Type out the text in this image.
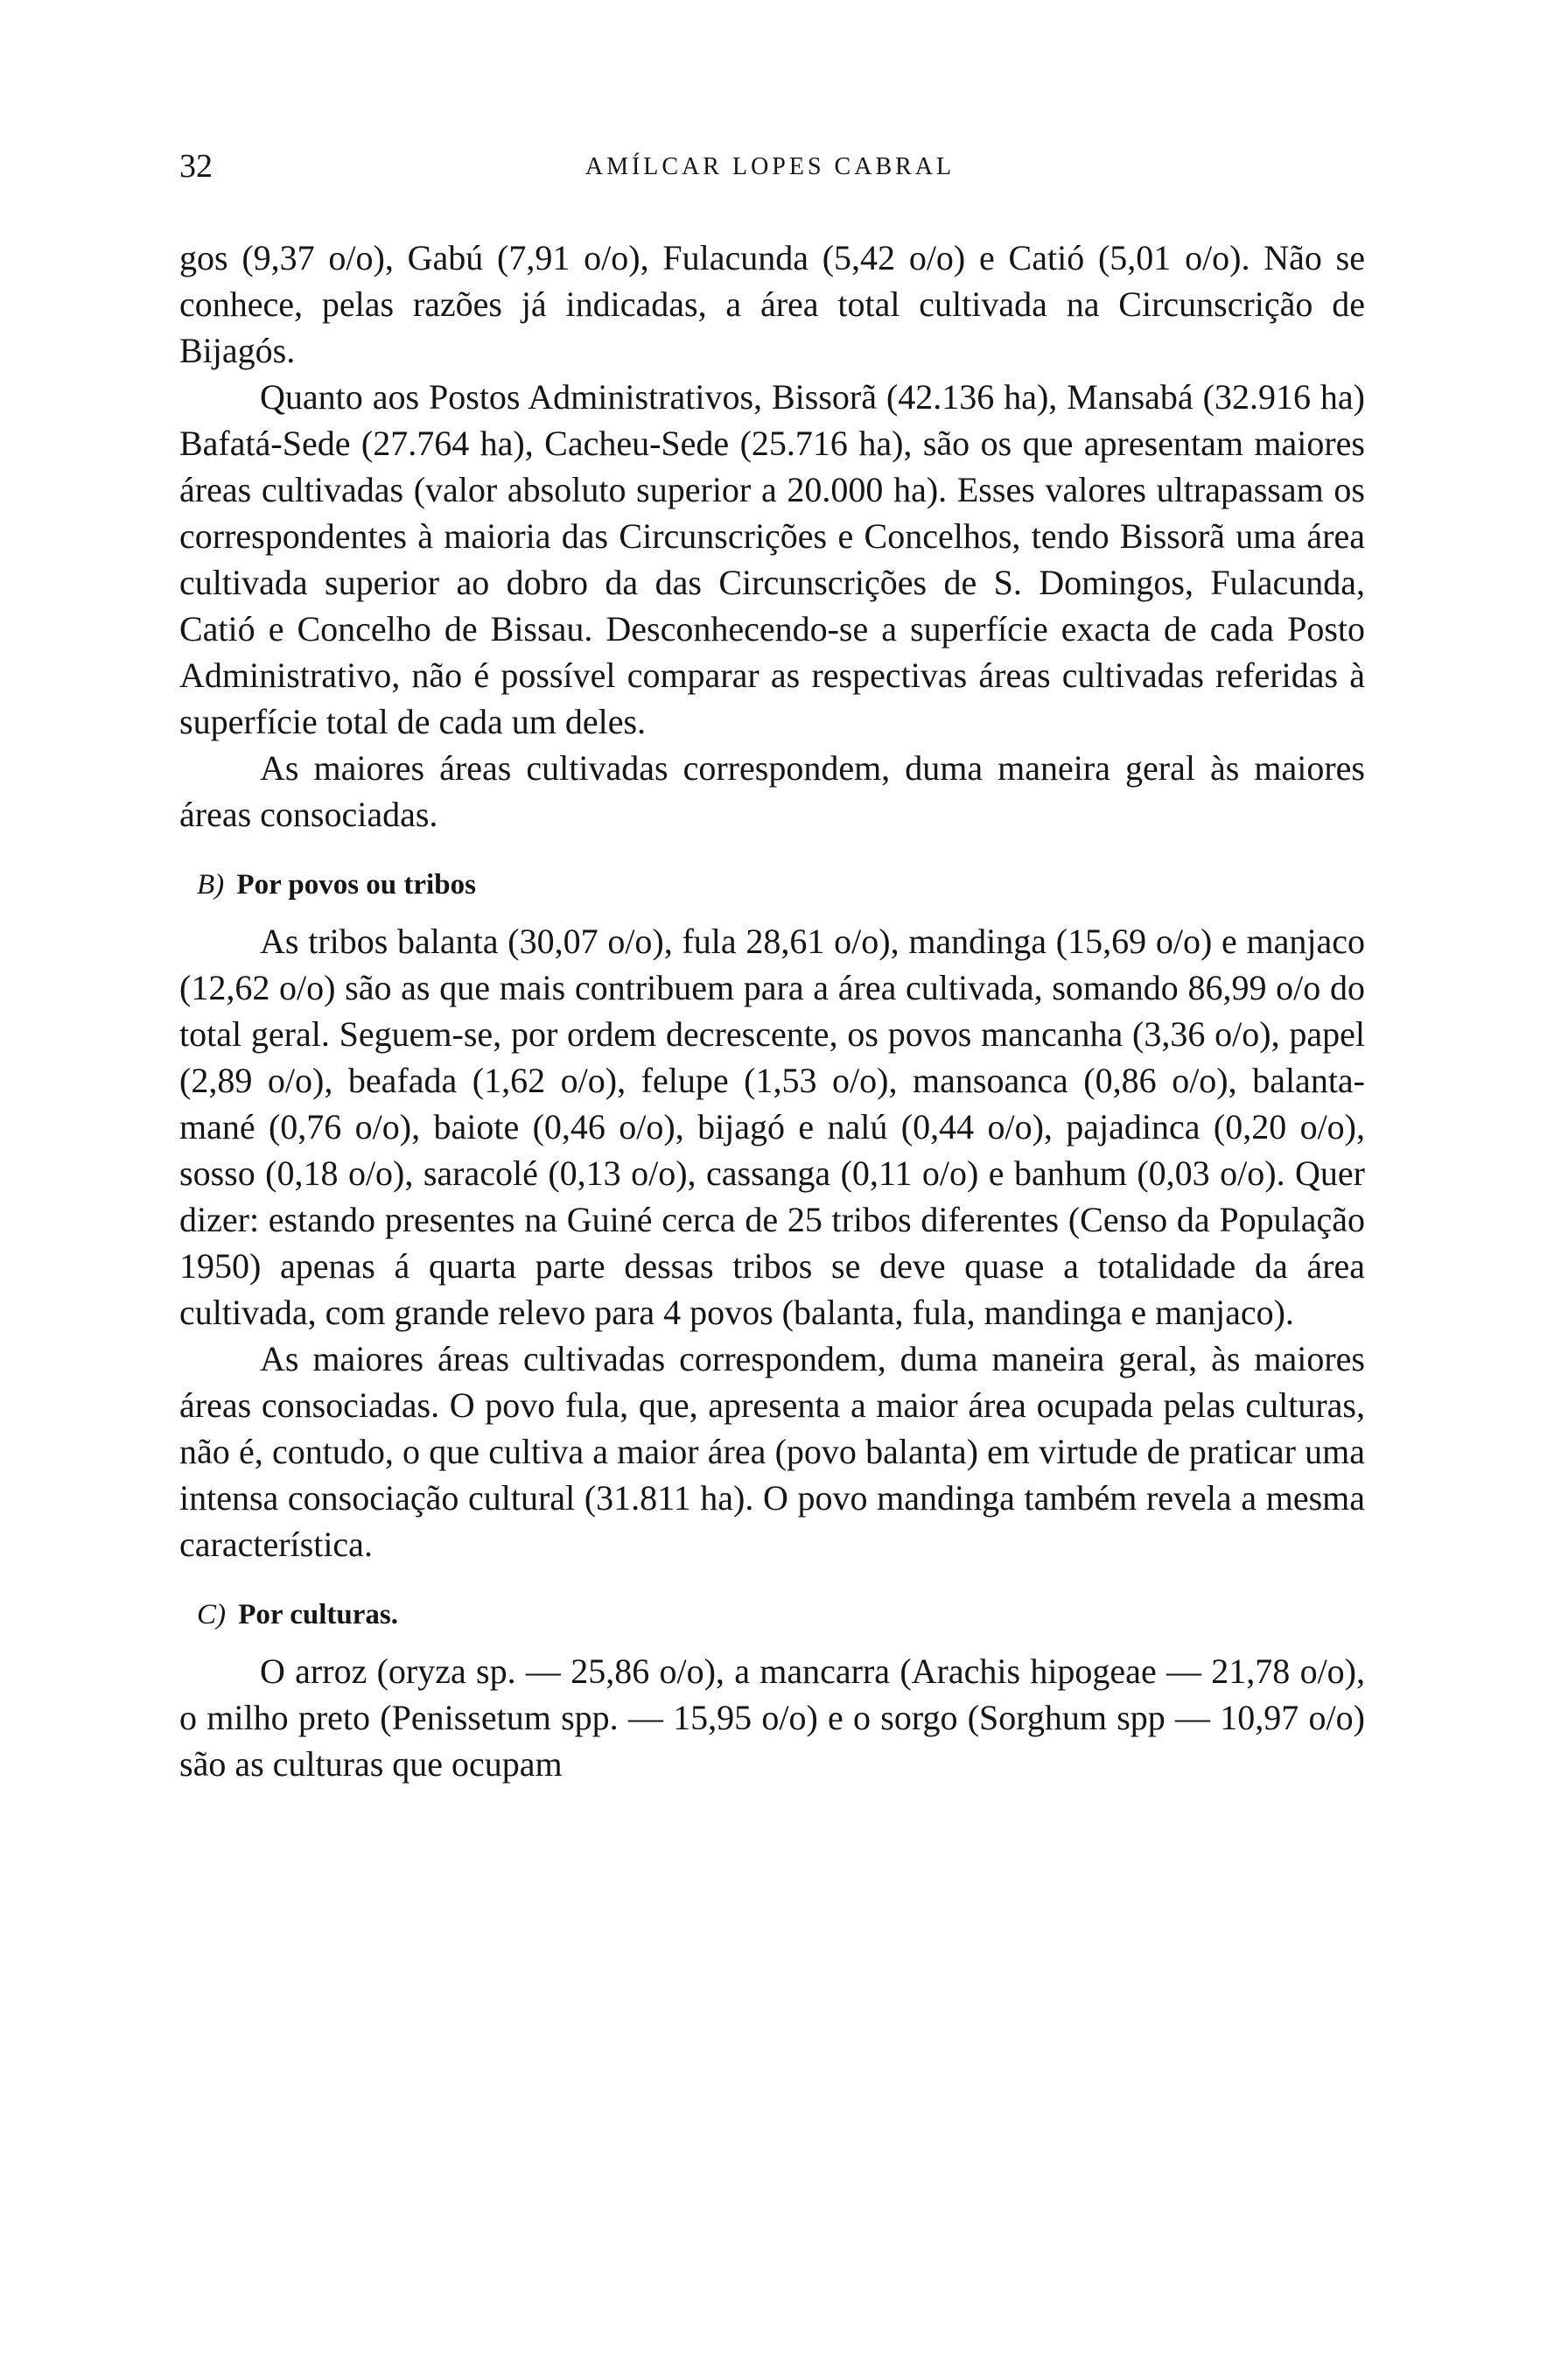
32	AMÍLCAR LOPES CABRAL

gos (9,37 o/o), Gabú (7,91 o/o), Fulacunda (5,42 o/o) e Catió (5,01 o/o). Não se conhece, pelas razões já indicadas, a área total cultivada na Circunscrição de Bijagós.

Quanto aos Postos Administrativos, Bissorã (42.136 ha), Mansabá (32.916 ha) Bafatá-Sede (27.764 ha), Cacheu-Sede (25.716 ha), são os que apresentam maiores áreas cultivadas (valor absoluto superior a 20.000 ha). Esses valores ultrapassam os correspondentes à maioria das Circunscrições e Concelhos, tendo Bissorã uma área cultivada superior ao dobro da das Circunscrições de S. Domingos, Fulacunda, Catió e Concelho de Bissau. Desconhecendo-se a superfície exacta de cada Posto Administrativo, não é possível comparar as respectivas áreas cultivadas referidas à superfície total de cada um deles.

As maiores áreas cultivadas correspondem, duma maneira geral às maiores áreas consociadas.

B) Por povos ou tribos

As tribos balanta (30,07 o/o), fula 28,61 o/o), mandinga (15,69 o/o) e manjaco (12,62 o/o) são as que mais contribuem para a área cultivada, somando 86,99 o/o do total geral. Seguem-se, por ordem decrescente, os povos mancanha (3,36 o/o), papel (2,89 o/o), beafada (1,62 o/o), felupe (1,53 o/o), mansoanca (0,86 o/o), balanta-mané (0,76 o/o), baiote (0,46 o/o), bijagó e nalú (0,44 o/o), pajadinca (0,20 o/o), sosso (0,18 o/o), saracolé (0,13 o/o), cassanga (0,11 o/o) e banhum (0,03 o/o). Quer dizer: estando presentes na Guiné cerca de 25 tribos diferentes (Censo da População 1950) apenas á quarta parte dessas tribos se deve quase a totalidade da área cultivada, com grande relevo para 4 povos (balanta, fula, mandinga e manjaco).

As maiores áreas cultivadas correspondem, duma maneira geral, às maiores áreas consociadas. O povo fula, que, apresenta a maior área ocupada pelas culturas, não é, contudo, o que cultiva a maior área (povo balanta) em virtude de praticar uma intensa consociação cultural (31.811 ha). O povo mandinga também revela a mesma característica.

C) Por culturas.

O arroz (oryza sp. — 25,86 o/o), a mancarra (Arachis hipogeae — 21,78 o/o), o milho preto (Penissetum spp. — 15,95 o/o) e o sorgo (Sorghum spp — 10,97 o/o) são as culturas que ocupam
